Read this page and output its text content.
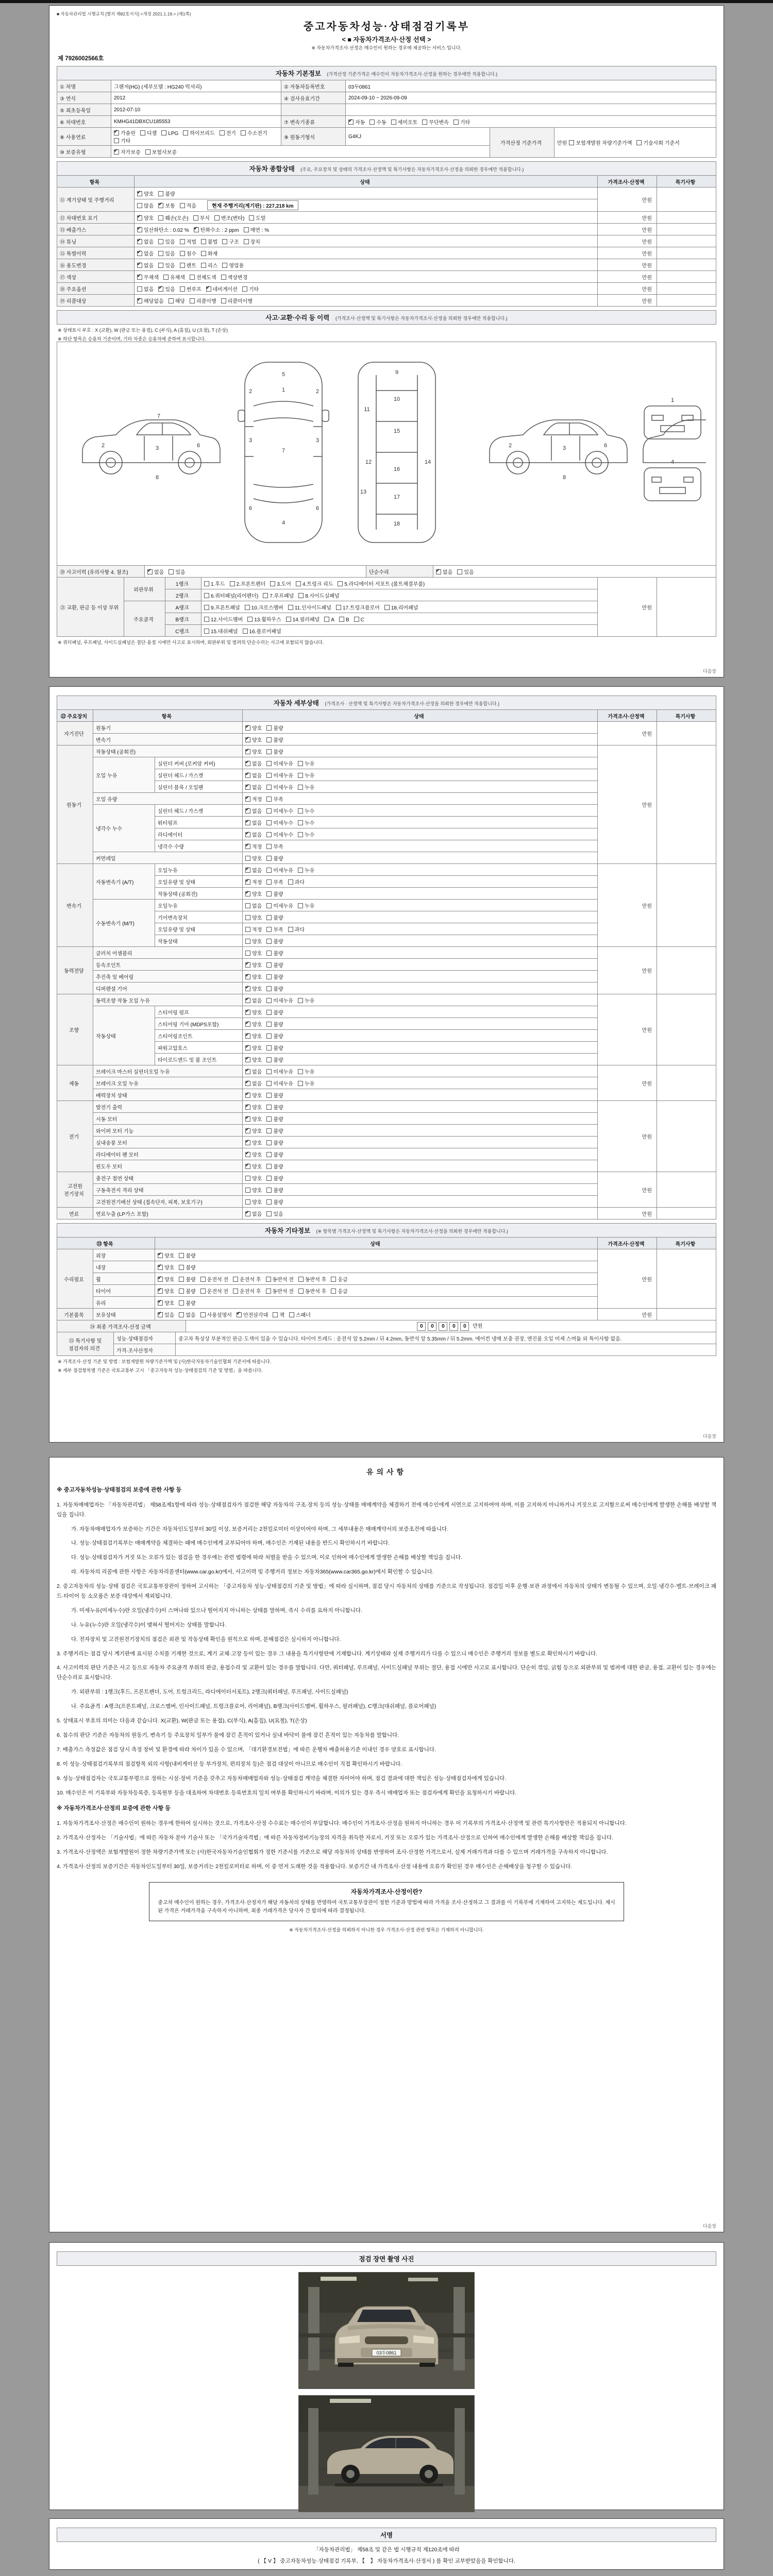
■ 자동차관리법 시행규칙 [별지 제82호서식] <개정 2021.1.19.> (제1쪽)
중고자동차성능·상태점검기록부
< ■ 자동차가격조사·산정 선택 >
※ 자동차가격조사·산정은 매수인이 원하는 경우에 제공하는 서비스 입니다.
제 7926002566호
자동차 기본정보 (가격산정 기준가격은 매수인이 자동차가격조사·산정을 원하는 경우에만 적용합니다.)
① 차명	그랜저(HG) (세부모델 : HG240 럭셔리)	② 자동차등록번호	03두0861		
③ 연식	2012	④ 검사유효기간	2024-09-10 ~ 2026-09-09		
⑤ 최초등록일	2012-07-10				
⑥ 차대번호	KMHG41DBXCU185553	⑦ 변속기종류	✔자동 수동 세미오토 무단변속 기타
⑧ 사용연료	✔가솔린 디젤 LPG 하이브리드 전기 수소전기기타	⑨ 원동기형식	G4KJ	가격산정 기준가격	만원 보험개발원 차량기준가액 기술사회 기준서
⑩ 보증유형	✔자가보증 보험사보증
자동차 종합상태 (주요, 주요장치 및 상태의 가격조사·산정액 및 특기사항은 자동차가격조사·산정을 의뢰한 경우에만 적용합니다.)
항목	상태	가격조사·산정액	특기사항
⑪ 계기상태 및 주행거리	✔양호 불량	만원	
	많음 ✔ 보통 적음 현재 주행거리(계기판) : 227,218 km
⑫ 차대번호 표기	✔양호 훼손(오손) 부식 변조(변타) 도말	만원	
⑬ 배출가스	✔일산화탄소 : 0.02 % ✔ 탄화수소 : 2 ppm 매연 : %	만원	
⑭ 튜닝	✔없음 있음 적법 불법 구조 장치	만원	
⑮ 특별이력	✔없음 있음 침수 화재	만원	
⑯ 용도변경	✔없음 있음 렌트 리스 영업용	만원	
⑰ 색상	✔무채색 유채색 전체도색 색상변경	만원	
⑱ 주요옵션	없음 ✔ 있음 썬루프 ✔ 네비게이션 기타	만원	
⑲ 리콜대상	✔해당없음 해당 리콜이행 리콜미이행	만원	
사고·교환·수리 등 이력 (가격조사·산정액 및 특기사항은 자동차가격조사·산정을 의뢰한 경우에만 적용합니다.)
※ 상태표시 부호 : X (교환), W (판금 또는 용접), C (부식), A (흠집), U (요철), T (손상)
※ 하단 항목은 승용차 기준이며, 기타 차종은 승용차에 준하여 표시합니다.
2	3
8
6
7
5
1
2	2
3	3
7
6	6
4
9
10
11
15
12	14
16
13
17
18
2	3
8
6
1
4
⑳ 사고이력 (유의사항 4. 참조)	✔없음 있음	단순수리	✔없음 있음
㉑ 교환, 판금 등 이상 부위	외판부위	1랭크	1.후드 2.프론트펜더 3.도어 4.트렁크 리드 5.라디에이터 서포트 (볼트체결부품)	만원	
		2랭크	6.쿼터패널(리어펜더) 7.루프패널 8.사이드실패널		
	주요골격	A랭크	9.프론트패널 10.크로스멤버 11.인사이드패널 17.트렁크플로어 18.리어패널		
		B랭크	12.사이드멤버 13.휠하우스 14.필러패널 A B C		
		C랭크	15.대쉬패널 16.플로어패널		
※ 쿼터패널, 루프패널, 사이드실패널은 절단·용접 시에만 사고로 표시하며, 외판부위 및 범퍼의 단순수리는 사고에 포함되지 않습니다.
다음장
자동차 세부상태 (가격조사 · 산정액 및 특기사항은 자동차가격조사·산정을 의뢰한 경우에만 적용합니다.)
㉒ 주요장치	항목		상태	가격조사·산정액	특기사항
자기진단	원동기	✔양호 불량	만원	
	변속기	✔양호 불량
원동기	작동상태 (공회전)	✔양호 불량	만원	
	오일 누유	실린더 커버 (로커암 커버)	✔없음 미세누유 누유
		실린더 헤드 / 가스켓	✔없음 미세누유 누유
		실린더 블록 / 오일팬	✔없음 미세누유 누유
	오일 유량	✔적정 부족
	냉각수 누수	실린더 헤드 / 가스켓	✔없음 미세누수 누수
		워터펌프	✔없음 미세누수 누수
		라디에이터	✔없음 미세누수 누수
		냉각수 수량	✔적정 부족
	커먼레일		양호 불량		
변속기	자동변속기 (A/T)	오일누유	✔없음 미세누유 누유	만원	
		오일유량 및 상태	✔적정 부족 과다
		작동상태 (공회전)	✔양호 불량
	수동변속기 (M/T)	오일누유	없음 미세누유 누유		
		기어변속장치	양호 불량		
		오일유량 및 상태	적정 부족 과다		
		작동상태	양호 불량		
동력전달	클러치 어셈블리		양호 불량	만원	
	등속조인트	✔양호 불량
	추진축 및 베어링	✔양호 불량
	디퍼렌셜 기어	✔양호 불량
조향	동력조향 작동 오일 누유	✔없음 미세누유 누유	만원	
	작동상태	스티어링 펌프	✔양호 불량
		스티어링 기어 (MDPS포함)	✔양호 불량
		스티어링조인트	✔양호 불량
		파워고압호스	✔양호 불량
		타이로드엔드 및 볼 조인트	✔양호 불량
제동	브레이크 마스터 실린더오일 누유	✔없음 미세누유 누유	만원	
	브레이크 오일 누유	✔없음 미세누유 누유
	배력장치 상태	✔양호 불량
전기	발전기 출력	✔양호 불량	만원	
	시동 모터	✔양호 불량
	와이퍼 모터 기능	✔양호 불량
	실내송풍 모터	✔양호 불량
	라디에이터 팬 모터	✔양호 불량
	윈도우 모터	✔양호 불량
고전원 전기장치	충전구 절연 상태		양호 불량	만원	
	구동축전지 격리 상태		양호 불량		
	고전원전기배선 상태 (접속단자, 피복, 보호기구)		양호 불량		
연료	연료누출 (LP가스 포함)	✔없음 있음	만원	
자동차 기타정보 (※ 항목별 가격조사·산정액 및 특기사항은 자동차가격조사·산정을 의뢰한 경우에만 적용합니다.)
㉓ 항목		상태	가격조사·산정액	특기사항
수리필요	외장	✔양호 불량	만원	
	내장	✔양호 불량
	휠	✔양호 불량 운전석 전 운전석 후 동반석 전 동반석 후 응급
	타이어	✔양호 불량 운전석 전 운전석 후 동반석 전 동반석 후 응급
	유리	✔양호 불량
기본품목	보유상태	✔있음 없음 사용설명서 ✔ 안전삼각대 잭 스패너	만원	
㉔ 최종 가격조사·산정 금액	0 0 0 0 0 만원
㉕ 특기사항 및 점검자의 의견	성능·상태점검자	중고차 특성상 부분적인 판금·도색이 있을 수 있습니다. 타이어 트레드 : 운전석 앞 5.2mm / 뒤 4.2mm, 동반석 앞 5.35mm / 뒤 5.2mm. 에어컨 냉매 보충 권장, 엔진룸 오일 미세 스며듦 외 특이사항 없음.
	가격·조사산정자	
※ 가격조사·산정 기준 및 방법 : 보험개발원 차량기준가액 및 (사)한국자동차기술인협회 기준서에 따릅니다.
※ 세부 점검항목별 기준은 국토교통부 고시 「중고자동차 성능·상태점검의 기준 및 방법」을 따릅니다.
다음장
유의사항
※ 중고자동차성능·상태점검의 보증에 관한 사항 등
1. 자동차매매업자는 「자동차관리법」 제58조제1항에 따라 성능·상태점검자가 점검한 해당 자동차의 구조·장치 등의 성능·상태를 매매계약을 체결하기 전에 매수인에게 서면으로 고지하여야 하며, 이를 고지하지 아니하거나 거짓으로 고지함으로써 매수인에게 발생한 손해를 배상할 책임을 집니다.
가. 자동차매매업자가 보증하는 기간은 자동차인도일부터 30일 이상, 보증거리는 2천킬로미터 이상이어야 하며, 그 세부내용은 매매계약서의 보증조건에 따릅니다.
나. 성능·상태점검기록부는 매매계약을 체결하는 때에 매수인에게 교부되어야 하며, 매수인은 기재된 내용을 반드시 확인하시기 바랍니다.
다. 성능·상태점검자가 거짓 또는 오류가 있는 점검을 한 경우에는 관련 법령에 따라 처벌을 받을 수 있으며, 이로 인하여 매수인에게 발생한 손해를 배상할 책임을 집니다.
라. 자동차의 리콜에 관한 사항은 자동차리콜센터(www.car.go.kr)에서, 사고이력 및 주행거리 정보는 자동차365(www.car365.go.kr)에서 확인할 수 있습니다.
2. 중고자동차의 성능·상태 점검은 국토교통부장관이 정하여 고시하는 「중고자동차 성능·상태점검의 기준 및 방법」에 따라 실시하며, 점검 당시 자동차의 상태를 기준으로 작성됩니다. 점검일 이후 운행·보관 과정에서 자동차의 상태가 변동될 수 있으며, 오일·냉각수·벨트·브레이크 패드·타이어 등 소모품은 보증 대상에서 제외됩니다.
가. 미세누유(미세누수)란 오일(냉각수)이 스며나와 있으나 떨어지지 아니하는 상태를 말하며, 즉시 수리를 요하지 아니합니다.
나. 누유(누수)란 오일(냉각수)이 맺혀서 떨어지는 상태를 말합니다.
다. 전자장치 및 고전원전기장치의 점검은 외관 및 작동상태 확인을 원칙으로 하며, 분해점검은 실시하지 아니합니다.
3. 주행거리는 점검 당시 계기판에 표시된 수치를 기재한 것으로, 계기 교체·고장 등이 있는 경우 그 내용을 특기사항란에 기재합니다. 계기상태와 실제 주행거리가 다를 수 있으니 매수인은 주행거리 정보를 별도로 확인하시기 바랍니다.
4. 사고이력의 판단 기준은 사고 등으로 자동차 주요골격 부위의 판금, 용접수리 및 교환이 있는 경우를 말합니다. 다만, 쿼터패널, 루프패널, 사이드실패널 부위는 절단, 용접 시에만 사고로 표시합니다. 단순히 꺾임, 긁힘 등으로 외판부위 및 범퍼에 대한 판금, 용접, 교환이 있는 경우에는 단순수리로 표시합니다.
가. 외판부위 : 1랭크(후드, 프론트펜더, 도어, 트렁크리드, 라디에이터서포트), 2랭크(쿼터패널, 루프패널, 사이드실패널)
나. 주요골격 : A랭크(프론트패널, 크로스멤버, 인사이드패널, 트렁크플로어, 리어패널), B랭크(사이드멤버, 휠하우스, 필러패널), C랭크(대쉬패널, 플로어패널)
5. 상태표시 부호의 의미는 다음과 같습니다. X(교환), W(판금 또는 용접), C(부식), A(흠집), U(요철), T(손상)
6. 침수의 판단 기준은 자동차의 원동기, 변속기 등 주요장치 일부가 물에 잠긴 흔적이 있거나 실내 바닥이 물에 잠긴 흔적이 있는 자동차를 말합니다.
7. 배출가스 측정값은 점검 당시 측정 장비 및 환경에 따라 차이가 있을 수 있으며, 「대기환경보전법」에 따른 운행차 배출허용기준 이내인 경우 양호로 표시합니다.
8. 이 성능·상태점검기록부의 점검항목 외의 사항(내비게이션 등 부가장치, 편의장치 등)은 점검 대상이 아니므로 매수인이 직접 확인하시기 바랍니다.
9. 성능·상태점검자는 국토교통부령으로 정하는 시설·장비 기준을 갖추고 자동차매매업자와 성능·상태점검 계약을 체결한 자이어야 하며, 점검 결과에 대한 책임은 성능·상태점검자에게 있습니다.
10. 매수인은 이 기록부와 자동차등록증, 등록원부 등을 대조하여 차대번호·등록번호의 일치 여부를 확인하시기 바라며, 이의가 있는 경우 즉시 매매업자 또는 점검자에게 확인을 요청하시기 바랍니다.
※ 자동차가격조사·산정의 보증에 관한 사항 등
1. 자동차가격조사·산정은 매수인이 원하는 경우에 한하여 실시하는 것으로, 가격조사·산정 수수료는 매수인이 부담합니다. 매수인이 가격조사·산정을 원하지 아니하는 경우 이 기록부의 가격조사·산정액 및 관련 특기사항란은 적용되지 아니합니다.
2. 가격조사·산정자는 「기술사법」에 따른 자동차 분야 기술사 또는 「국가기술자격법」에 따른 자동차정비기능장의 자격을 취득한 자로서, 거짓 또는 오류가 있는 가격조사·산정으로 인하여 매수인에게 발생한 손해를 배상할 책임을 집니다.
3. 가격조사·산정액은 보험개발원이 정한 차량기준가액 또는 (사)한국자동차기술인협회가 정한 기준서를 기준으로 해당 자동차의 상태를 반영하여 조사·산정한 가격으로서, 실제 거래가격과 다를 수 있으며 거래가격을 구속하지 아니합니다.
4. 가격조사·산정의 보증기간은 자동차인도일부터 30일, 보증거리는 2천킬로미터로 하며, 이 중 먼저 도래한 것을 적용합니다. 보증기간 내 가격조사·산정 내용에 오류가 확인된 경우 매수인은 손해배상을 청구할 수 있습니다.
자동차가격조사·산정이란?
중고차 매수인이 원하는 경우, 가격조사·산정자가 해당 자동차의 상태를 반영하여 국토교통부장관이 정한 기준과 방법에 따라 가격을 조사·산정하고 그 결과를 이 기록부에 기재하여 고지하는 제도입니다. 제시된 가격은 거래가격을 구속하지 아니하며, 최종 거래가격은 당사자 간 합의에 따라 결정됩니다.
※ 자동차가격조사·산정을 의뢰하지 아니한 경우 가격조사·산정 관련 항목은 기재하지 아니합니다.
다음장
점검 장면 촬영 사진
03두0861
서명
「자동차관리법」 제58조 및 같은 법 시행규칙 제120조에 따라
( 【 V 】 중고자동차성능·상태점검 기록부, 【　】 자동차가격조사·산정서 ) 를 확인 교부받았음을 확인합니다.
